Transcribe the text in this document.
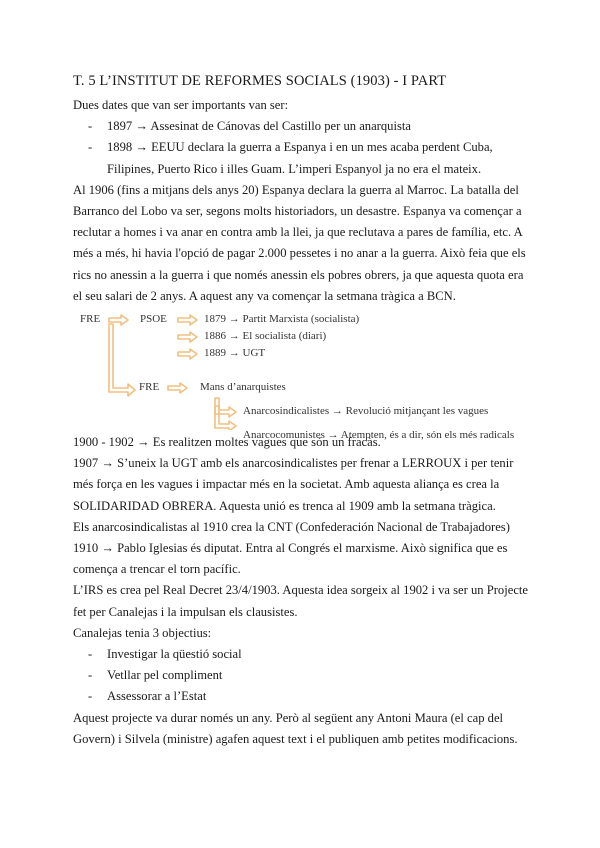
T. 5 L’INSTITUT DE REFORMES SOCIALS (1903) - I PART

Dues dates que van ser importants van ser:

- 1897 → Assesinat de Cánovas del Castillo per un anarquista
- 1898 → EEUU declara la guerra a Espanya i en un mes acaba perdent Cuba, Filipines, Puerto Rico i illes Guam. L’imperi Espanyol ja no era el mateix.

Al 1906 (fins a mitjans dels anys 20) Espanya declara la guerra al Marroc. La batalla del Barranco del Lobo va ser, segons molts historiadors, un desastre. Espanya va començar a reclutar a homes i va anar en contra amb la llei, ja que reclutava a pares de família, etc. A més a més, hi havia l'opció de pagar 2.000 pessetes i no anar a la guerra. Això feia que els rics no anessin a la guerra i que només anessin els pobres obrers, ja que aquesta quota era el seu salari de 2 anys. A aquest any va començar la setmana tràgica a BCN.

FRE	PSOE	1879 → Partit Marxista (socialista)
1886 → El socialista (diari)
1889 → UGT
FRE	Mans d’anarquistes
Anarcosindicalistes → Revolució mitjançant les vagues
Anarcocomunistes → Atempten, és a dir, són els més radicals

1900 - 1902 → Es realitzen moltes vagues que són un fracàs.

1907 → S’uneix la UGT amb els anarcosindicalistes per frenar a LERROUX i per tenir més força en les vagues i impactar més en la societat. Amb aquesta aliança es crea la SOLIDARIDAD OBRERA. Aquesta unió es trenca al 1909 amb la setmana tràgica.

Els anarcosindicalistas al 1910 crea la CNT (Confederación Nacional de Trabajadores)

1910 → Pablo Iglesias és diputat. Entra al Congrés el marxisme. Això significa que es comença a trencar el torn pacífic.

L’IRS es crea pel Real Decret 23/4/1903. Aquesta idea sorgeix al 1902 i va ser un Projecte fet per Canalejas i la impulsan els clausistes.

Canalejas tenia 3 objectius:

- Investigar la qüestió social
- Vetllar pel compliment
- Assessorar a l’Estat

Aquest projecte va durar només un any. Però al següent any Antoni Maura (el cap del Govern) i Silvela (ministre) agafen aquest text i el publiquen amb petites modificacions.
